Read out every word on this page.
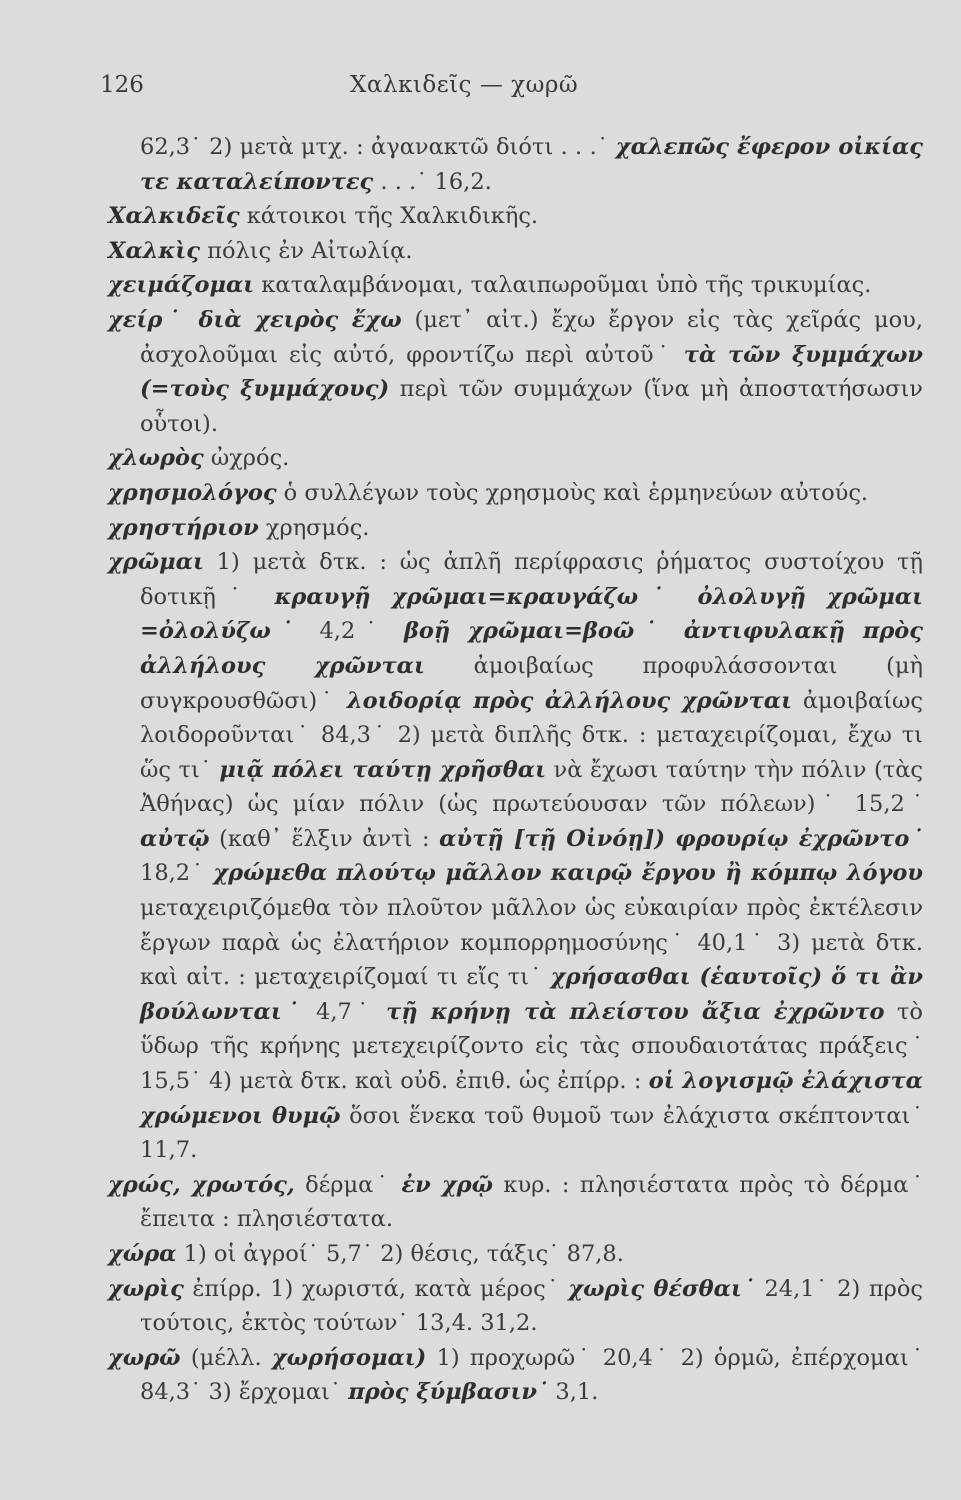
126	Χαλκιδεῖς — χωρῶ

62,3˙ 2) μετὰ μτχ. : ἀγανακτῶ διότι . . .˙ χαλεπῶς ἔφερον οἰκίας τε καταλείποντες . . .˙ 16,2.

Χαλκιδεῖς κάτοικοι τῆς Χαλκιδικῆς.

Χαλκὶς πόλις ἐν Αἰτωλίᾳ.

χειμάζομαι καταλαμβάνομαι, ταλαιπωροῦμαι ὑπὸ τῆς τρικυμίας.

χείρ˙ διὰ χειρὸς ἔχω (μετ᾽ αἰτ.) ἔχω ἔργον εἰς τὰς χεῖράς μου, ἀσχολοῦμαι εἰς αὐτό, φροντίζω περὶ αὐτοῦ˙ τὰ τῶν ξυμμάχων (=τοὺς ξυμμάχους) περὶ τῶν συμμάχων (ἵνα μὴ ἀποστατήσωσιν οὗτοι).

χλωρὸς ὠχρός.

χρησμολόγος ὁ συλλέγων τοὺς χρησμοὺς καὶ ἑρμηνεύων αὐτούς.

χρηστήριον χρησμός.

χρῶμαι 1) μετὰ δτκ. : ὡς ἁπλῆ περίφρασις ῥήματος συστοίχου τῇ δοτικῇ˙ κραυγῇ χρῶμαι=κραυγάζω˙ ὀλολυγῇ χρῶμαι =ὀλολύζω˙ 4,2˙ βοῇ χρῶμαι=βοῶ˙ ἀντιφυλακῇ πρὸς ἀλλήλους χρῶνται ἀμοιβαίως προφυλάσσονται (μὴ συγκρουσθῶσι)˙ λοιδορίᾳ πρὸς ἀλλήλους χρῶνται ἀμοιβαίως λοιδοροῦνται˙ 84,3˙ 2) μετὰ διπλῆς δτκ. : μεταχειρίζομαι, ἔχω τι ὥς τι˙ μιᾷ πόλει ταύτῃ χρῆσθαι νὰ ἔχωσι ταύτην τὴν πόλιν (τὰς Ἀθήνας) ὡς μίαν πόλιν (ὡς πρωτεύουσαν τῶν πόλεων)˙ 15,2˙ αὐτῷ (καθ᾽ ἕλξιν ἀντὶ : αὐτῇ [τῇ Οἰνόῃ]) φρουρίῳ ἐχρῶντο˙ 18,2˙ χρώμεθα πλούτῳ μᾶλλον καιρῷ ἔργου ἢ κόμπῳ λόγου μεταχειριζόμεθα τὸν πλοῦτον μᾶλλον ὡς εὐκαιρίαν πρὸς ἐκτέλεσιν ἔργων παρὰ ὡς ἐλατήριον κομπορρημοσύνης˙ 40,1˙ 3) μετὰ δτκ. καὶ αἰτ. : μεταχειρίζομαί τι εἴς τι˙ χρήσασθαι (ἑαυτοῖς) ὅ τι ἂν βούλωνται˙ 4,7˙ τῇ κρήνῃ τὰ πλείστου ἄξια ἐχρῶντο τὸ ὕδωρ τῆς κρήνης μετεχειρίζοντο εἰς τὰς σπουδαιοτάτας πράξεις˙ 15,5˙ 4) μετὰ δτκ. καὶ οὐδ. ἐπιθ. ὡς ἐπίρρ. : οἱ λογισμῷ ἐλάχιστα χρώμενοι θυμῷ ὅσοι ἕνεκα τοῦ θυμοῦ των ἐλάχιστα σκέπτονται˙ 11,7.

χρώς, χρωτός, δέρμα˙ ἐν χρῷ κυρ. : πλησιέστατα πρὸς τὸ δέρμα˙ ἔπειτα : πλησιέστατα.

χώρα 1) οἱ ἀγροί˙ 5,7˙ 2) θέσις, τάξις˙ 87,8.

χωρὶς ἐπίρρ. 1) χωριστά, κατὰ μέρος˙ χωρὶς θέσθαι˙ 24,1˙ 2) πρὸς τούτοις, ἐκτὸς τούτων˙ 13,4. 31,2.

χωρῶ (μέλλ. χωρήσομαι) 1) προχωρῶ˙ 20,4˙ 2) ὁρμῶ, ἐπέρχομαι˙ 84,3˙ 3) ἔρχομαι˙ πρὸς ξύμβασιν˙ 3,1.
